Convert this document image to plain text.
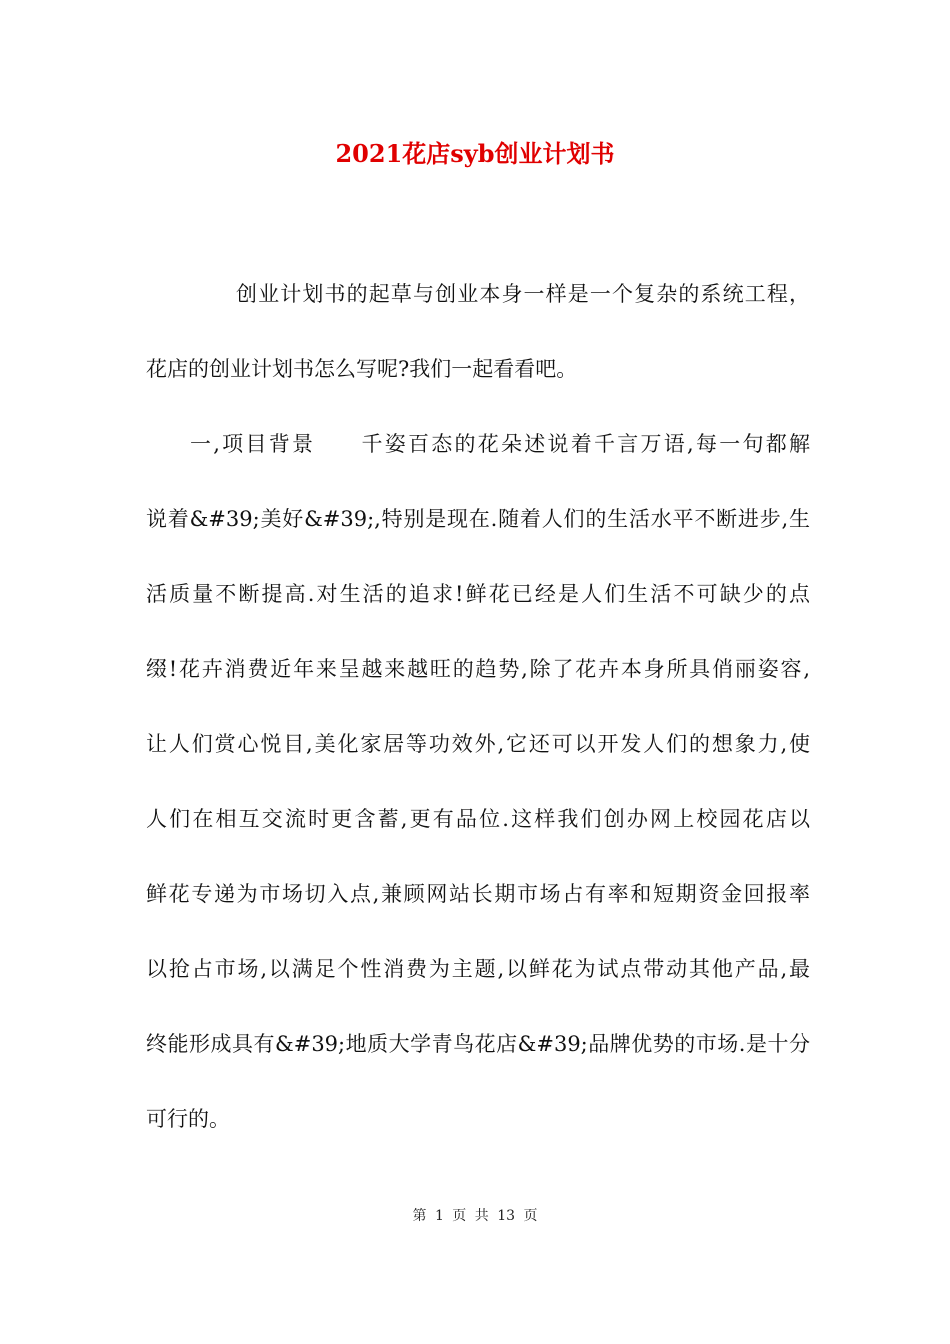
2021花店syb创业计划书
创业计划书的起草与创业本身一样是一个复杂的系统工程，
花店的创业计划书怎么写呢?我们一起看看吧。
一,项目背景 千姿百态的花朵述说着千言万语,每一句都解
说着&#39;美好&#39;,特别是现在.随着人们的生活水平不断进步,生
活质量不断提高.对生活的追求!鲜花已经是人们生活不可缺少的点
缀!花卉消费近年来呈越来越旺的趋势,除了花卉本身所具俏丽姿容,
让人们赏心悦目,美化家居等功效外,它还可以开发人们的想象力,使
人们在相互交流时更含蓄,更有品位.这样我们创办网上校园花店以
鲜花专递为市场切入点,兼顾网站长期市场占有率和短期资金回报率
以抢占市场,以满足个性消费为主题,以鲜花为试点带动其他产品,最
终能形成具有&#39;地质大学青鸟花店&#39;品牌优势的市场.是十分
可行的。
第 1 页 共 13 页
